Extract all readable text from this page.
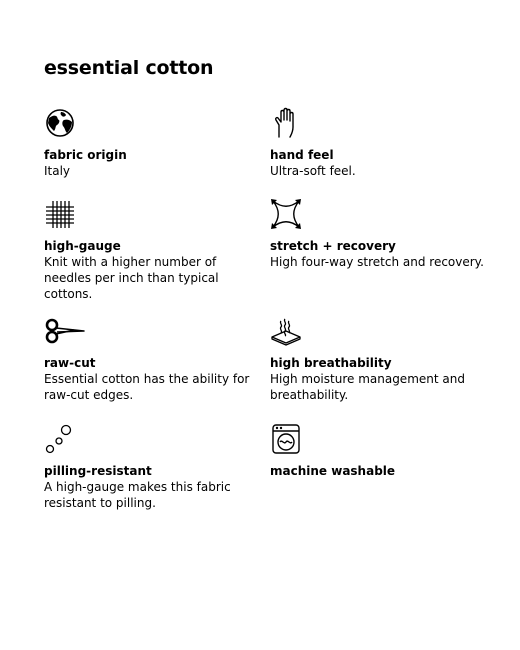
essential cotton
fabric origin
Italy
hand feel
Ultra-soft feel.
high-gauge
Knit with a higher number of needles per inch than typical cottons.
stretch + recovery
High four-way stretch and recovery.
raw-cut
Essential cotton has the ability for raw-cut edges.
high breathability
High moisture management and breathability.
pilling-resistant
A high-gauge makes this fabric resistant to pilling.
machine washable
